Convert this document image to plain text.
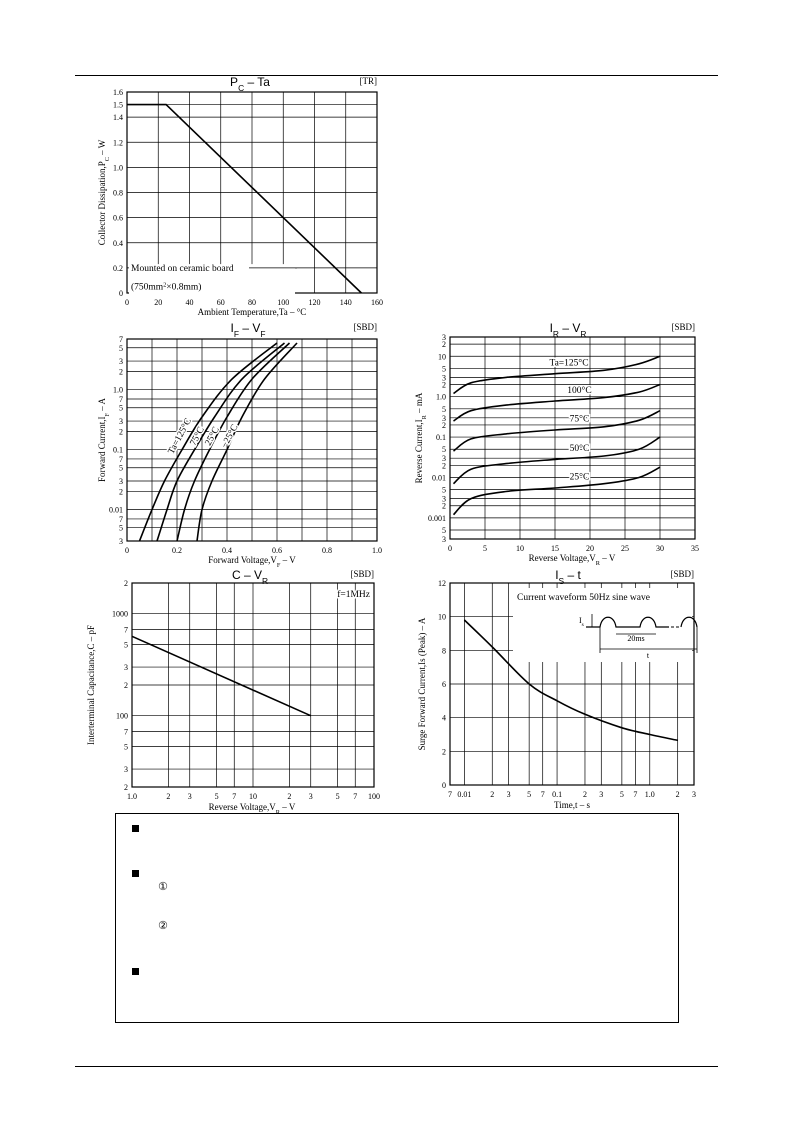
$P_C$ – Ta	[TR]
0	20	40	60	80	100 120 140 160
0
0.2
0.4
0.6
0.8
1.0
1.2
1.4
1.5
1.6
Mounted on ceramic board
$(750mm^2\times 0.8mm)$
Ambient Temperature,Ta – °C
Collector $Dissipation,P_C$ – W
$I_F - V_F$
[SBD]
0	0.2	0.4	0.6	0.8	1.0
7
5
3
2
1.0
7
5
3
2
0.1
7
5
3
2
0.01
7
5
3
Ta=125°C
75°C
25°C
−25°C
Forward $Voltage,V_F$ – V
Forward $Current,I_F$ – A
$I_R - V_R$
[SBD]
0	5	10	15	20	25	30	35
3
2
10
5
3
2
1.0
5
3
2
0.1
5
3
2
0.01
5
3
2
0.001
5
3
Ta=125°C
100°C
75°C
50°C
25°C
Reverse $Voltage,V_R$ – V
Reverse $Current,I_R$ – mA
C – $V_R$
[SBD]
1.0	2 3	5 7 10	2 3	5 7 100
2
1000
7
5
3
2
100
7
5
3
2
f=1MHz
Reverse $Voltage,V_R$ – V
Interterminal Capacitance,C – pF
$I_S$ – t	[SBD]
7 0.01 2 3 5 7 0.1	2 3 5 7 1.0	2 3
0
2
4
6
8
10
12
Current waveform 50Hz sine wave
$I_s$
20ms
t
Time,t – s
Surge Forward Current,Is (Peak) – A
①
②
